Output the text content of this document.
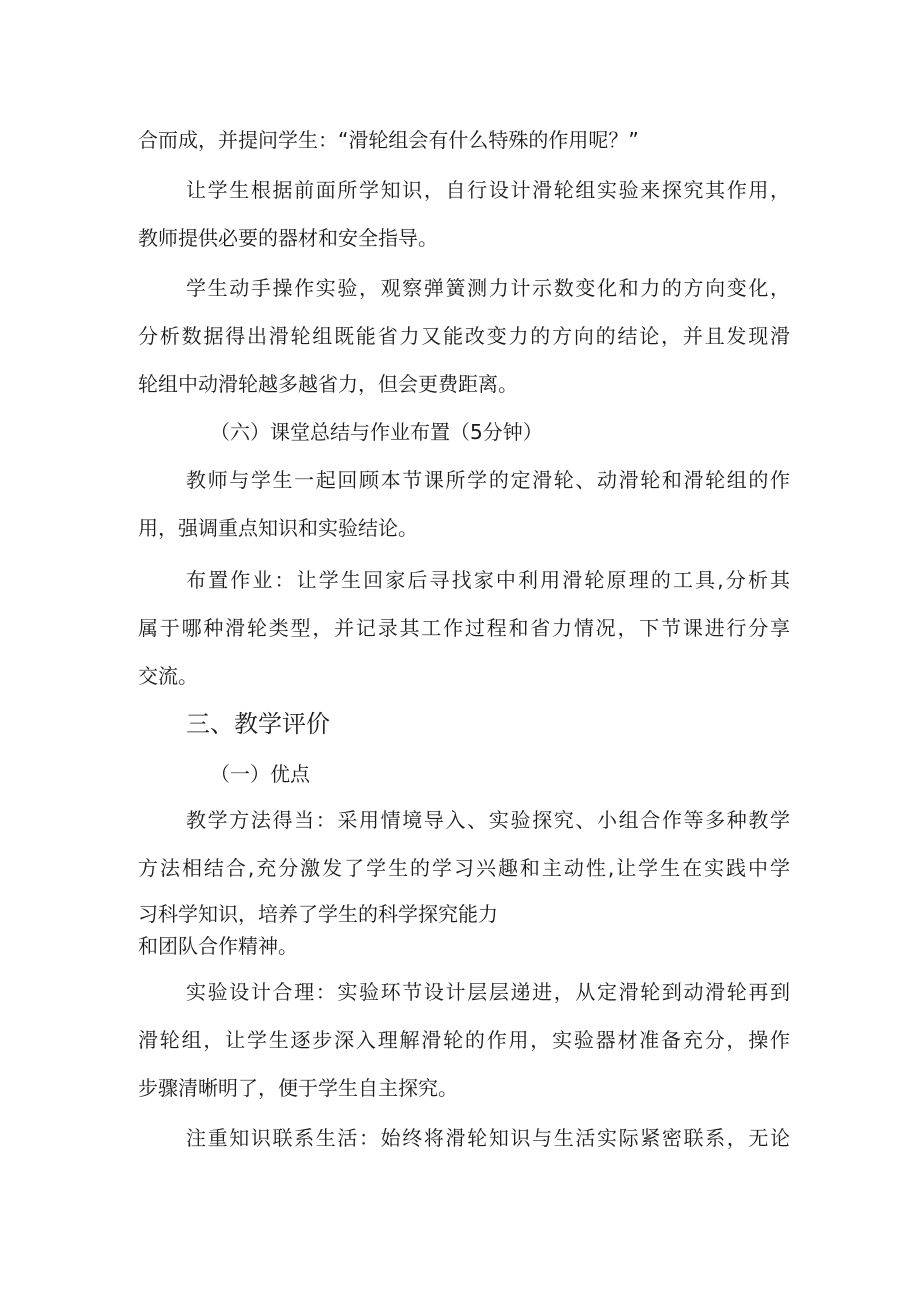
合而成，并提问学生：“滑轮组会有什么特殊的作用呢？”
让学生根据前面所学知识，自行设计滑轮组实验来探究其作用，
教师提供必要的器材和安全指导。
学生动手操作实验，观察弹簧测力计示数变化和力的方向变化，
分析数据得出滑轮组既能省力又能改变力的方向的结论，并且发现滑
轮组中动滑轮越多越省力，但会更费距离。
（六）课堂总结与作业布置（5分钟）
教师与学生一起回顾本节课所学的定滑轮、动滑轮和滑轮组的作
用，强调重点知识和实验结论。
布置作业：让学生回家后寻找家中利用滑轮原理的工具,分析其
属于哪种滑轮类型，并记录其工作过程和省力情况，下节课进行分享
交流。
三、教学评价
（一）优点
教学方法得当：采用情境导入、实验探究、小组合作等多种教学
方法相结合,充分激发了学生的学习兴趣和主动性,让学生在实践中学
习科学知识，培养了学生的科学探究能力
和团队合作精神。
实验设计合理：实验环节设计层层递进，从定滑轮到动滑轮再到
滑轮组，让学生逐步深入理解滑轮的作用，实验器材准备充分，操作
步骤清晰明了，便于学生自主探究。
注重知识联系生活：始终将滑轮知识与生活实际紧密联系，无论
